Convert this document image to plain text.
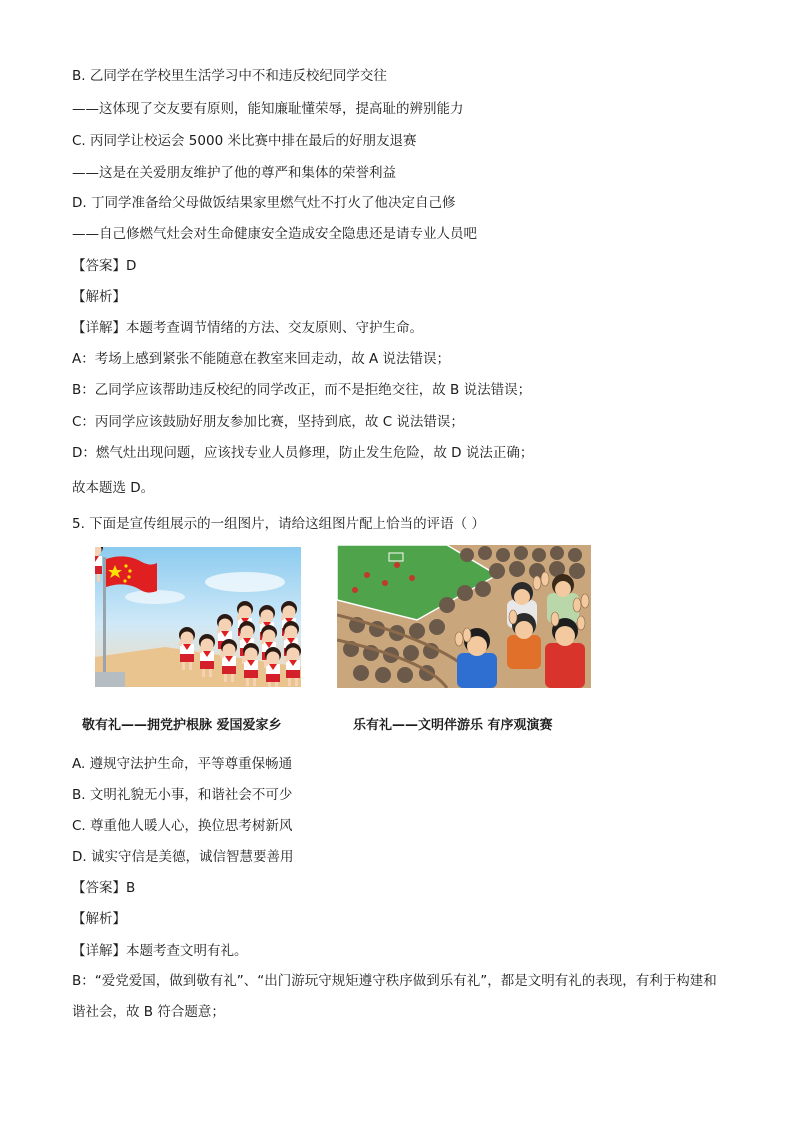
B. 乙同学在学校里生活学习中不和违反校纪同学交往
——这体现了交友要有原则，能知廉耻懂荣辱，提高耻的辨别能力
C. 丙同学让校运会 5000 米比赛中排在最后的好朋友退赛
——这是在关爱朋友维护了他的尊严和集体的荣誉利益
D. 丁同学准备给父母做饭结果家里燃气灶不打火了他决定自己修
——自己修燃气灶会对生命健康安全造成安全隐患还是请专业人员吧
【答案】D
【解析】
【详解】本题考查调节情绪的方法、交友原则、守护生命。
A：考场上感到紧张不能随意在教室来回走动，故 A 说法错误；
B：乙同学应该帮助违反校纪的同学改正，而不是拒绝交往，故 B 说法错误；
C：丙同学应该鼓励好朋友参加比赛，坚持到底，故 C 说法错误；
D：燃气灶出现问题，应该找专业人员修理，防止发生危险，故 D 说法正确；
故本题选 D。
5. 下面是宣传组展示的一组图片，请给这组图片配上恰当的评语（ ）
敬有礼——拥党护根脉 爱国爱家乡	乐有礼——文明伴游乐 有序观演赛
A. 遵规守法护生命，平等尊重保畅通
B. 文明礼貌无小事，和谐社会不可少
C. 尊重他人暖人心，换位思考树新风
D. 诚实守信是美德，诚信智慧要善用
【答案】B
【解析】
【详解】本题考查文明有礼。
B：“爱党爱国，做到敬有礼”、“出门游玩守规矩遵守秩序做到乐有礼”，都是文明有礼的表现，有利于构建和谐社会，故 B 符合题意；
